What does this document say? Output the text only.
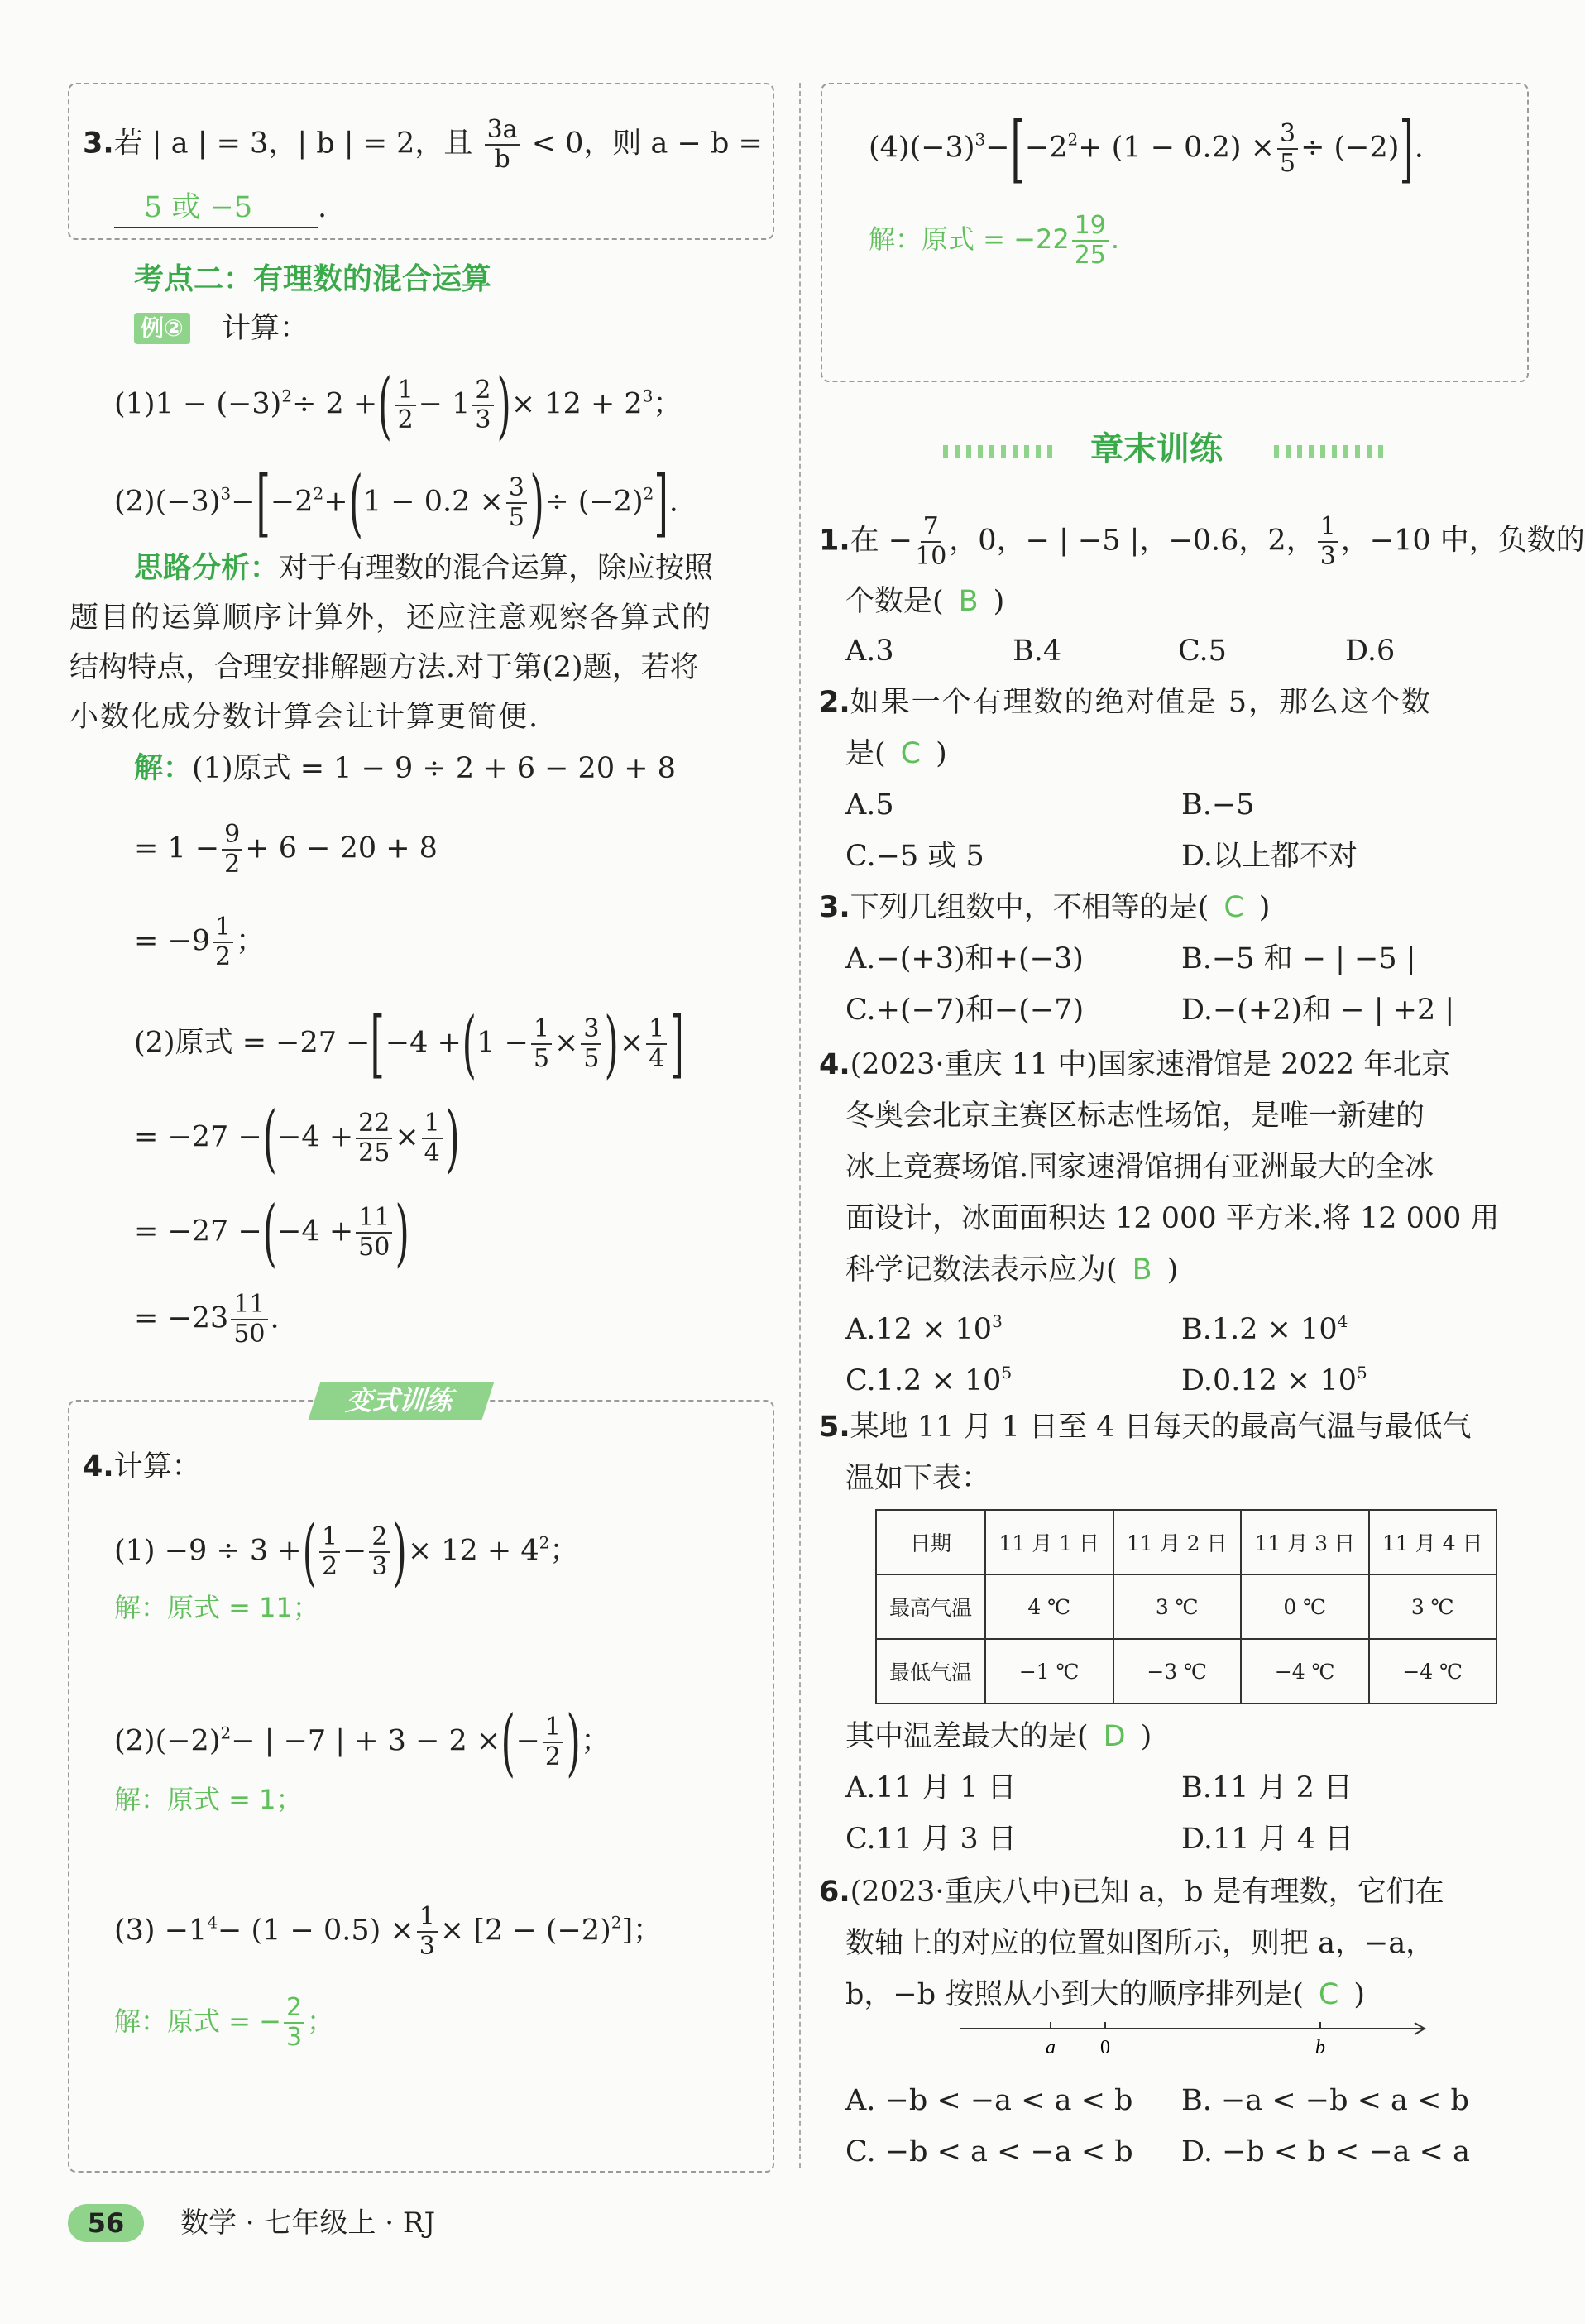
3.若 | a | = 3，| b | = 2，且 $\frac{3a}{b} < 0$，则 a − b =
5 或 −5 .
考点二：有理数的混合运算
例② 计算：
$(1)1 - (-3)^2\div 2$ +( $\frac{1}{2} - 1 \frac{2}{3}$ )× $12 + 2^3$；
$(2)(-3)^3-[-2^2+(1 - 0.2 \times \frac{3}{5}$ )÷ $(-2)^2$].
思路分析：对于有理数的混合运算，除应按照
题目的运算顺序计算外，还应注意观察各算式的
结构特点，合理安排解题方法.对于第(2)题，若将
小数化成分数计算会让计算更简便.
解：(1)原式 = 1 − 9 ÷ 2 + 6 − 20 + 8
= $1 - \frac{9}{2} + 6 - 20 + 8$
= $-9 \frac{1}{2}$ ；
(2)原式 = $-27 -[-4 +(1 - \frac{1}{5} \times \frac{3}{5}$ )× $\frac{1}{4}$ ]
= $-27 -(-4 + \frac{22}{25} \times \frac{1}{4}$ )
= $-27 -(-4 + \frac{11}{50}$ )
= $-23 \frac{11}{50}$ .
变式训练
4.计算：
(1) −9 ÷ 3 +( $\frac{1}{2} - \frac{2}{3}$ )× $12 + 4^2$；
解：原式 = 11；
$(2)(-2)^2-$ | −7 | + 3 − 2 ×(− $\frac{1}{2}$ )；
解：原式 = 1；
$(3) -1^4- (1 - 0.5) \times \frac{1}{3} \times [2 - (-2)^2]$；
解：原式 = − $\frac{2}{3}$ ；
$(4)(-3)^3-[-2^2+ (1 - 0.2) \times \frac{3}{5} \div (-2)]$.
解：原式 = $-22 \frac{19}{25}$ .
章末训练
1.在 − $\frac{7}{10}$ ，0，− | −5 |，−0.6，2， $\frac{1}{3}$ ，−10 中，负数的
个数是( B )
A.3	B.4	C.5	D.6
2.如果一个有理数的绝对值是 5，那么这个数
是( C )
A.5	B.−5
C.−5 或 5	D.以上都不对
3.下列几组数中，不相等的是( C )
A.−(+3)和+(−3)	B.−5 和 − | −5 |
C.+(−7)和−(−7)	D.−(+2)和 − | +2 |
4.(2023·重庆 11 中)国家速滑馆是 2022 年北京
冬奥会北京主赛区标志性场馆，是唯一新建的
冰上竞赛场馆.国家速滑馆拥有亚洲最大的全冰
面设计，冰面面积达 12 000 平方米.将 12 000 用
科学记数法表示应为( B )
$A.12 \times 10^3$	$B.1.2 \times 10^4$
$C.1.2 \times 10^5$	$D.0.12 \times 10^5$
5.某地 11 月 1 日至 4 日每天的最高气温与最低气
温如下表：
日期	11 月 1 日	11 月 2 日	11 月 3 日	11 月 4 日
最高气温	4 ℃	3 ℃	0 ℃	3 ℃
最低气温	−1 ℃	−3 ℃	−4 ℃	−4 ℃
其中温差最大的是( D )
A.11 月 1 日	B.11 月 2 日
C.11 月 3 日	D.11 月 4 日
6.(2023·重庆八中)已知 a，b 是有理数，它们在
数轴上的对应的位置如图所示，则把 a，−a，
b，−b 按照从小到大的顺序排列是( C )
a 0	b
A. −b < −a < a < b B. −a < −b < a < b
C. −b < a < −a < b D. −b < b < −a < a
56	数学 · 七年级上 · RJ
